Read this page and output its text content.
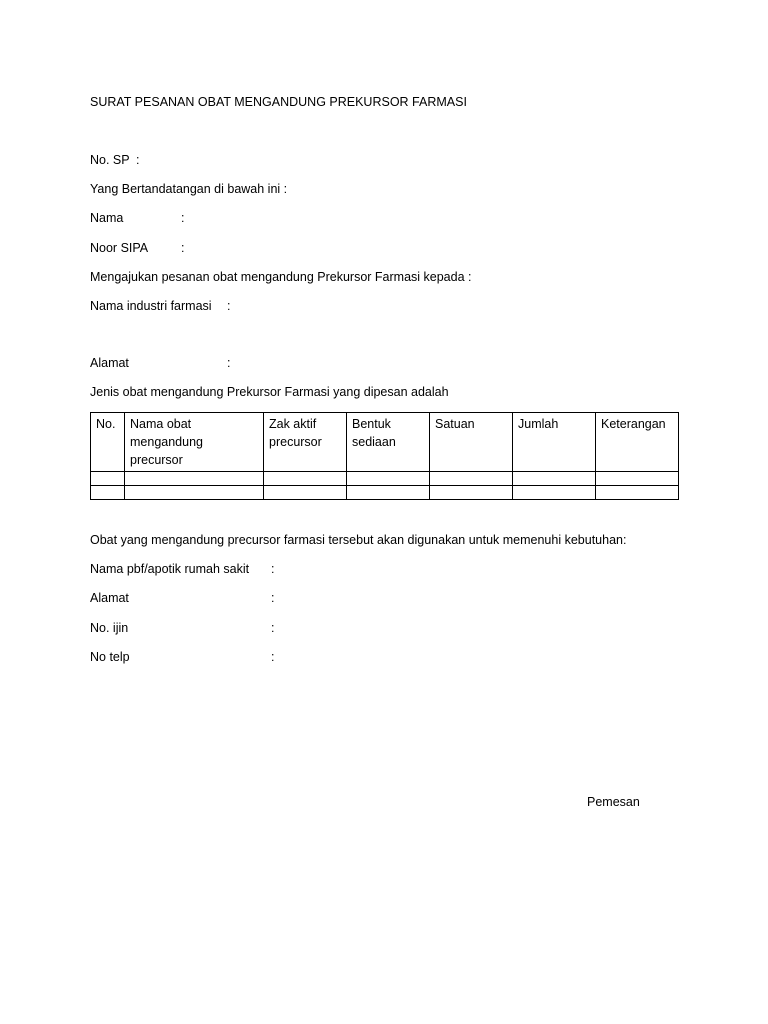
SURAT PESANAN OBAT MENGANDUNG PREKURSOR FARMASI
No. SP :
Yang Bertandatangan di bawah ini :
Nama	:
Noor SIPA	:
Mengajukan pesanan obat mengandung Prekursor Farmasi kepada :
Nama industri farmasi :
Alamat	:
Jenis obat mengandung Prekursor Farmasi yang dipesan adalah
No.	Nama obat mengandung precursor	Zak aktif precursor	Bentuk sediaan	Satuan	Jumlah	Keterangan

Obat yang mengandung precursor farmasi tersebut akan digunakan untuk memenuhi kebutuhan:
Nama pbf/apotik rumah sakit :
Alamat	:
No. ijin	:
No telp	:
Pemesan
